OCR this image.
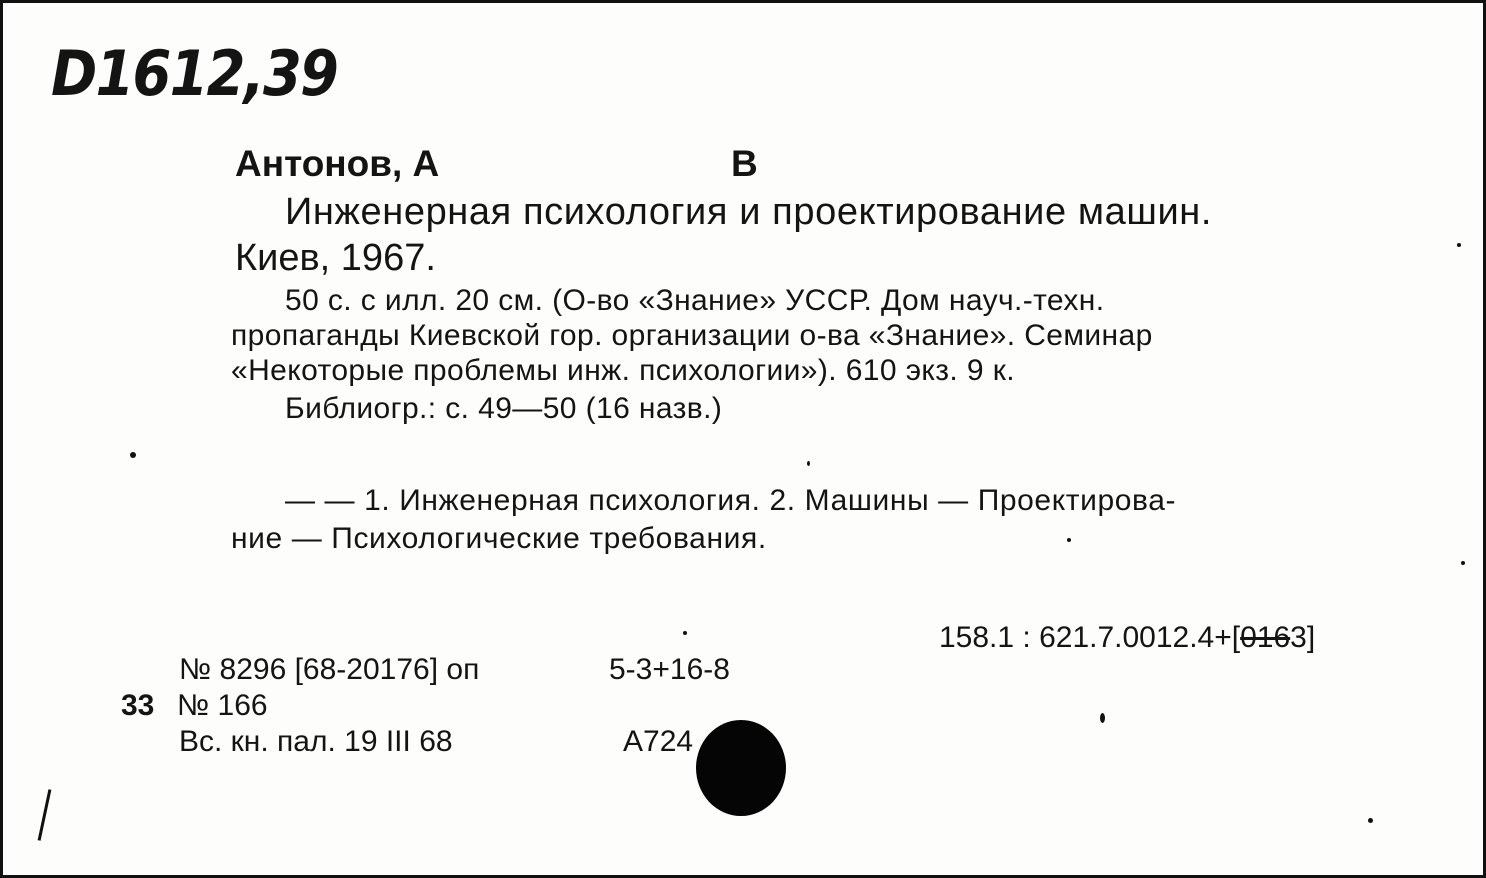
D1612,39
Антонов, А	В
Инженерная психология и проектирование машин.
Киев, 1967.
50 с. с илл. 20 см. (О-во «Знание» УССР. Дом науч.-техн.
пропаганды Киевской гор. организации о-ва «Знание». Семинар
«Некоторые проблемы инж. психологии»). 610 экз. 9 к.
Библиогр.: с. 49—50 (16 назв.)
— — 1. Инженерная психология. 2. Машины — Проектирова-
ние — Психологические требования.
158.1 : 621.7.0012.4+[0163]
№ 8296 [68-20176] оп	5-3+16-8
33 № 166
Вс. кн. пал. 19 III 68	А724
